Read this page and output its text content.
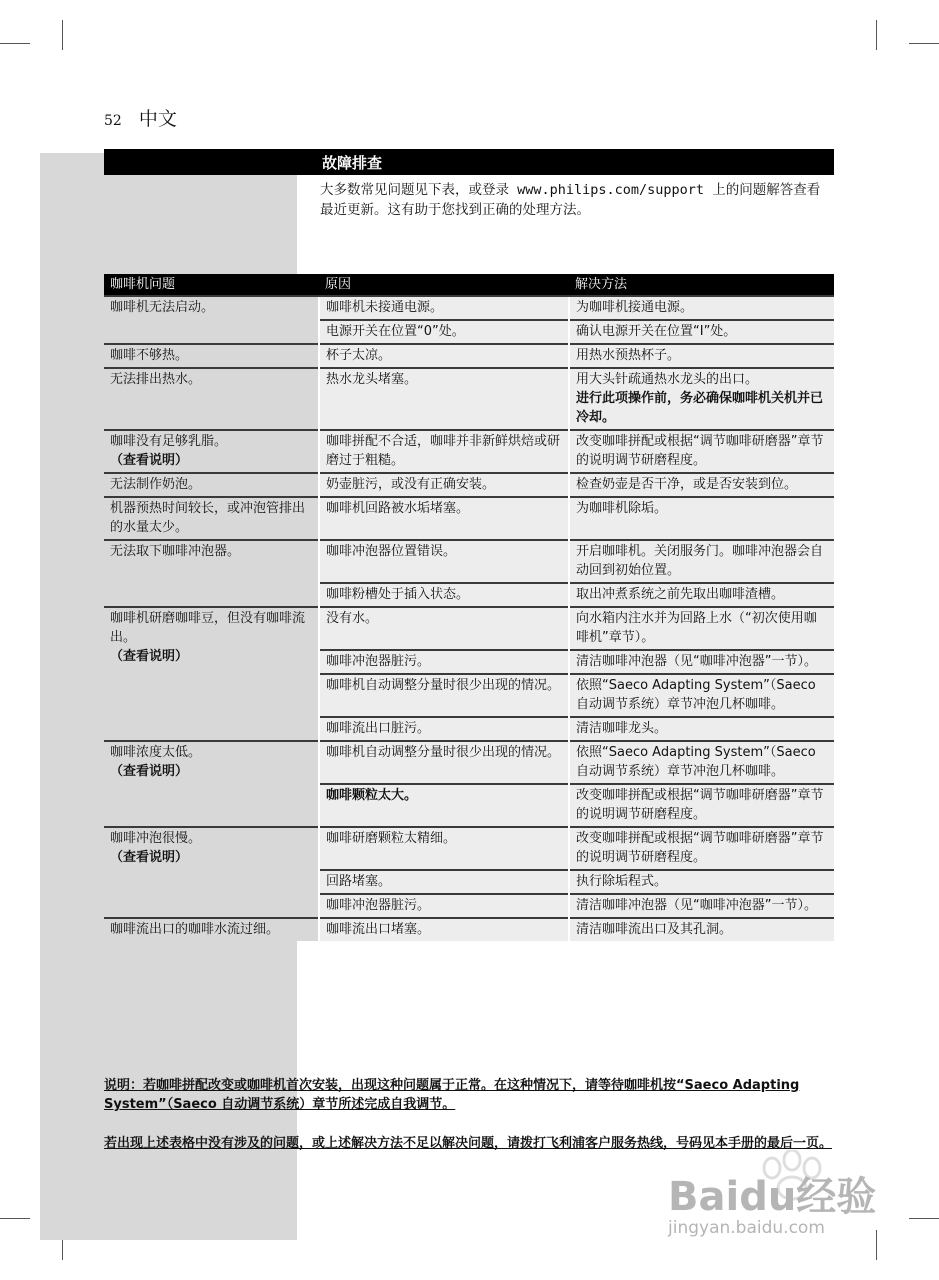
52 中文
故障排查
大多数常见问题见下表，或登录 www.philips.com/support 上的问题解答查看最近更新。这有助于您找到正确的处理方法。
咖啡机问题	原因	解决方法

咖啡机无法启动。	咖啡机未接通电源。	为咖啡机接通电源。

	电源开关在位置“0”处。	确认电源开关在位置“I”处。

咖啡不够热。	杯子太凉。	用热水预热杯子。

无法排出热水。	热水龙头堵塞。	用大头针疏通热水龙头的出口。
进行此项操作前，务必确保咖啡机关机并已冷却。

咖啡没有足够乳脂。
（查看说明）	咖啡拼配不合适，咖啡并非新鲜烘焙或研磨过于粗糙。	改变咖啡拼配或根据“调节咖啡研磨器”章节的说明调节研磨程度。

无法制作奶泡。	奶壶脏污，或没有正确安装。	检查奶壶是否干净，或是否安装到位。

机器预热时间较长，或冲泡管排出的水量太少。	咖啡机回路被水垢堵塞。	为咖啡机除垢。

无法取下咖啡冲泡器。	咖啡冲泡器位置错误。	开启咖啡机。关闭服务门。咖啡冲泡器会自动回到初始位置。

	咖啡粉槽处于插入状态。	取出冲煮系统之前先取出咖啡渣槽。

咖啡机研磨咖啡豆，但没有咖啡流出。
（查看说明）	没有水。	向水箱内注水并为回路上水（“初次使用咖啡机”章节）。

	咖啡冲泡器脏污。	清洁咖啡冲泡器（见“咖啡冲泡器”一节）。

	咖啡机自动调整分量时很少出现的情况。	依照“Saeco Adapting System”（Saeco 自动调节系统）章节冲泡几杯咖啡。

	咖啡流出口脏污。	清洁咖啡龙头。

咖啡浓度太低。
（查看说明）	咖啡机自动调整分量时很少出现的情况。	依照“Saeco Adapting System”（Saeco 自动调节系统）章节冲泡几杯咖啡。

	咖啡颗粒太大。	改变咖啡拼配或根据“调节咖啡研磨器”章节的说明调节研磨程度。

咖啡冲泡很慢。
（查看说明）	咖啡研磨颗粒太精细。	改变咖啡拼配或根据“调节咖啡研磨器”章节的说明调节研磨程度。

	回路堵塞。	执行除垢程式。

	咖啡冲泡器脏污。	清洁咖啡冲泡器（见“咖啡冲泡器”一节）。

咖啡流出口的咖啡水流过细。	咖啡流出口堵塞。	清洁咖啡流出口及其孔洞。
说明：若咖啡拼配改变或咖啡机首次安装，出现这种问题属于正常。在这种情况下，请等待咖啡机按“Saeco Adapting System”（Saeco 自动调节系统）章节所述完成自我调节。
若出现上述表格中没有涉及的问题，或上述解决方法不足以解决问题，请拨打飞利浦客户服务热线，号码见本手册的最后一页。
Baidu经验
jingyan.baidu.com
